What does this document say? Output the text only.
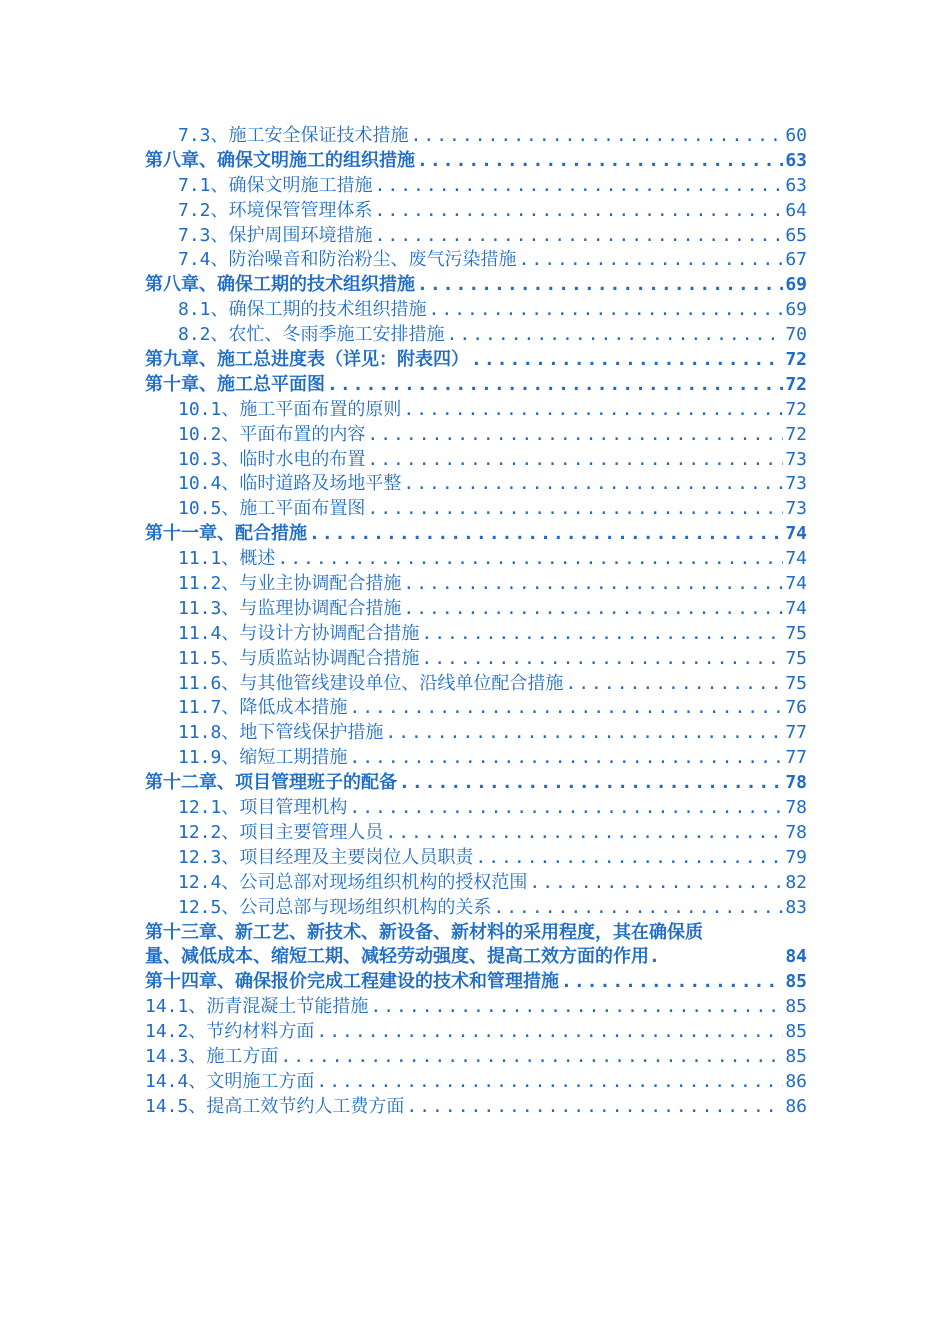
7.3、施工安全保证技术措施 .....	60
第八章、确保文明施工的组织措施 .....	63
7.1、确保文明施工措施 .....	63
7.2、环境保管管理体系 .....	64
7.3、保护周围环境措施 .....	65
7.4、防治噪音和防治粉尘、废气污染措施 .....	67
第八章、确保工期的技术组织措施 .....	69
8.1、确保工期的技术组织措施 .....	69
8.2、农忙、冬雨季施工安排措施 .....	70
第九章、施工总进度表（详见：附表四） .....	72
第十章、施工总平面图 .....	72
10.1、施工平面布置的原则 .....	72
10.2、平面布置的内容 .....	72
10.3、临时水电的布置 .....	73
10.4、临时道路及场地平整 .....	73
10.5、施工平面布置图 .....	73
第十一章、配合措施 .....	74
11.1、概述 .....	74
11.2、与业主协调配合措施 .....	74
11.3、与监理协调配合措施 .....	74
11.4、与设计方协调配合措施 .....	75
11.5、与质监站协调配合措施 .....	75
11.6、与其他管线建设单位、沿线单位配合措施 .....	75
11.7、降低成本措施 .....	76
11.8、地下管线保护措施 .....	77
11.9、缩短工期措施 .....	77
第十二章、项目管理班子的配备 .....	78
12.1、项目管理机构 .....	78
12.2、项目主要管理人员 .....	78
12.3、项目经理及主要岗位人员职责 .....	79
12.4、公司总部对现场组织机构的授权范围 .....	82
12.5、公司总部与现场组织机构的关系 .....	83
第十三章、新工艺、新技术、新设备、新材料的采用程度，其在确保质
量、减低成本、缩短工期、减轻劳动强度、提高工效方面的作用.	84
第十四章、确保报价完成工程建设的技术和管理措施 .....	85
14.1、沥青混凝土节能措施 .....	85
14.2、节约材料方面 .....	85
14.3、施工方面 .....	85
14.4、文明施工方面 .....	86
14.5、提高工效节约人工费方面 .....	86
